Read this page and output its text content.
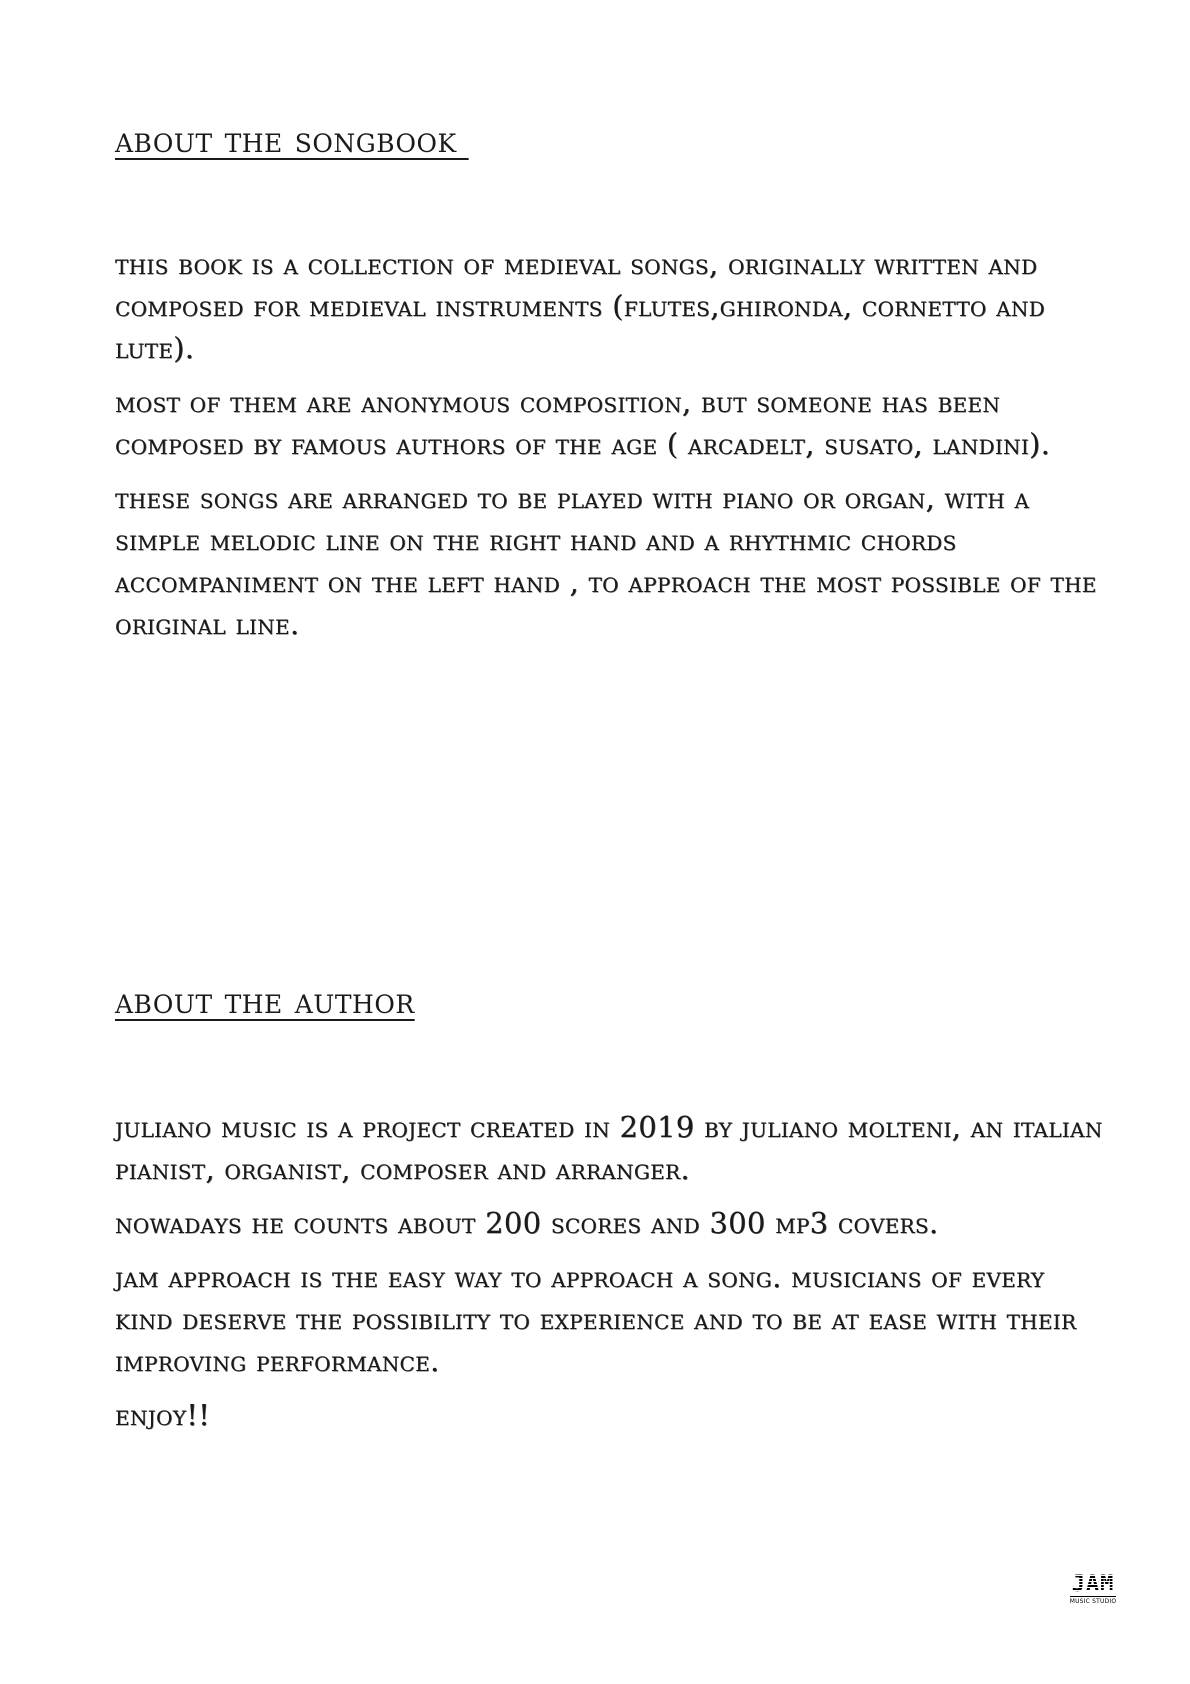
about the songbook

this book is a collection of medieval songs, originally written and composed for medieval instruments (flutes,ghironda, cornetto and lute).

most of them are anonymous composition, but someone has been composed by famous authors of the age ( arcadelt, susato, landini).

these songs are arranged to be played with piano or organ, with a simple melodic line on the right hand and a rhythmic chords accompaniment on the left hand , to approach the most possible of the original line.

about the author

juliano music is a project created in 2019 by juliano molteni, an italian pianist, organist, composer and arranger.

nowadays he counts about 200 scores and 300 mp3 covers.

jam approach is the easy way to approach a song. musicians of every kind deserve the possibility to experience and to be at ease with their improving performance.

enjoy!!

JAM
MUSIC STUDIO
